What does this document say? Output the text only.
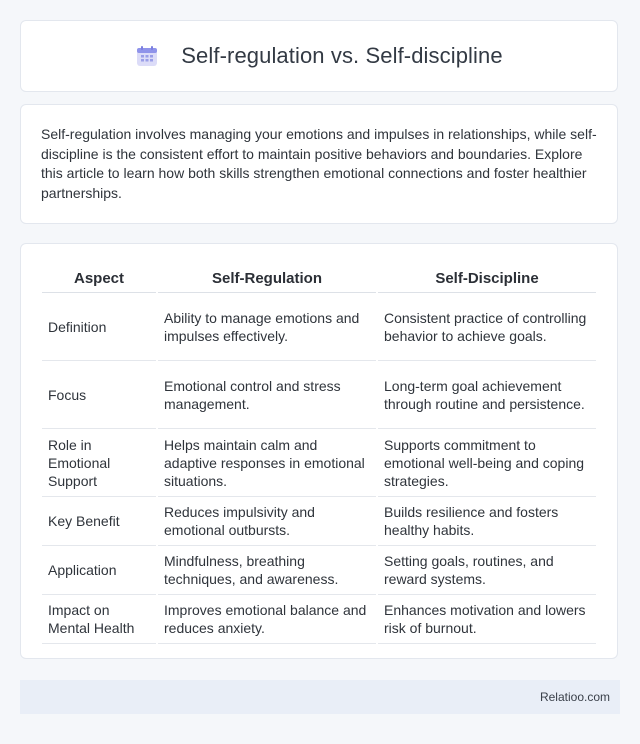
Self-regulation vs. Self-discipline

Self-regulation involves managing your emotions and impulses in relationships, while self-discipline is the consistent effort to maintain positive behaviors and boundaries. Explore this article to learn how both skills strengthen emotional connections and foster healthier partnerships.

Aspect	Self-Regulation	Self-Discipline
Definition	Ability to manage emotions and impulses effectively.	Consistent practice of controlling behavior to achieve goals.
Focus	Emotional control and stress management.	Long-term goal achievement through routine and persistence.
Role in Emotional Support	Helps maintain calm and adaptive responses in emotional situations.	Supports commitment to emotional well-being and coping strategies.
Key Benefit	Reduces impulsivity and emotional outbursts.	Builds resilience and fosters healthy habits.
Application	Mindfulness, breathing techniques, and awareness.	Setting goals, routines, and reward systems.
Impact on Mental Health	Improves emotional balance and reduces anxiety.	Enhances motivation and lowers risk of burnout.
Relatioo.com
